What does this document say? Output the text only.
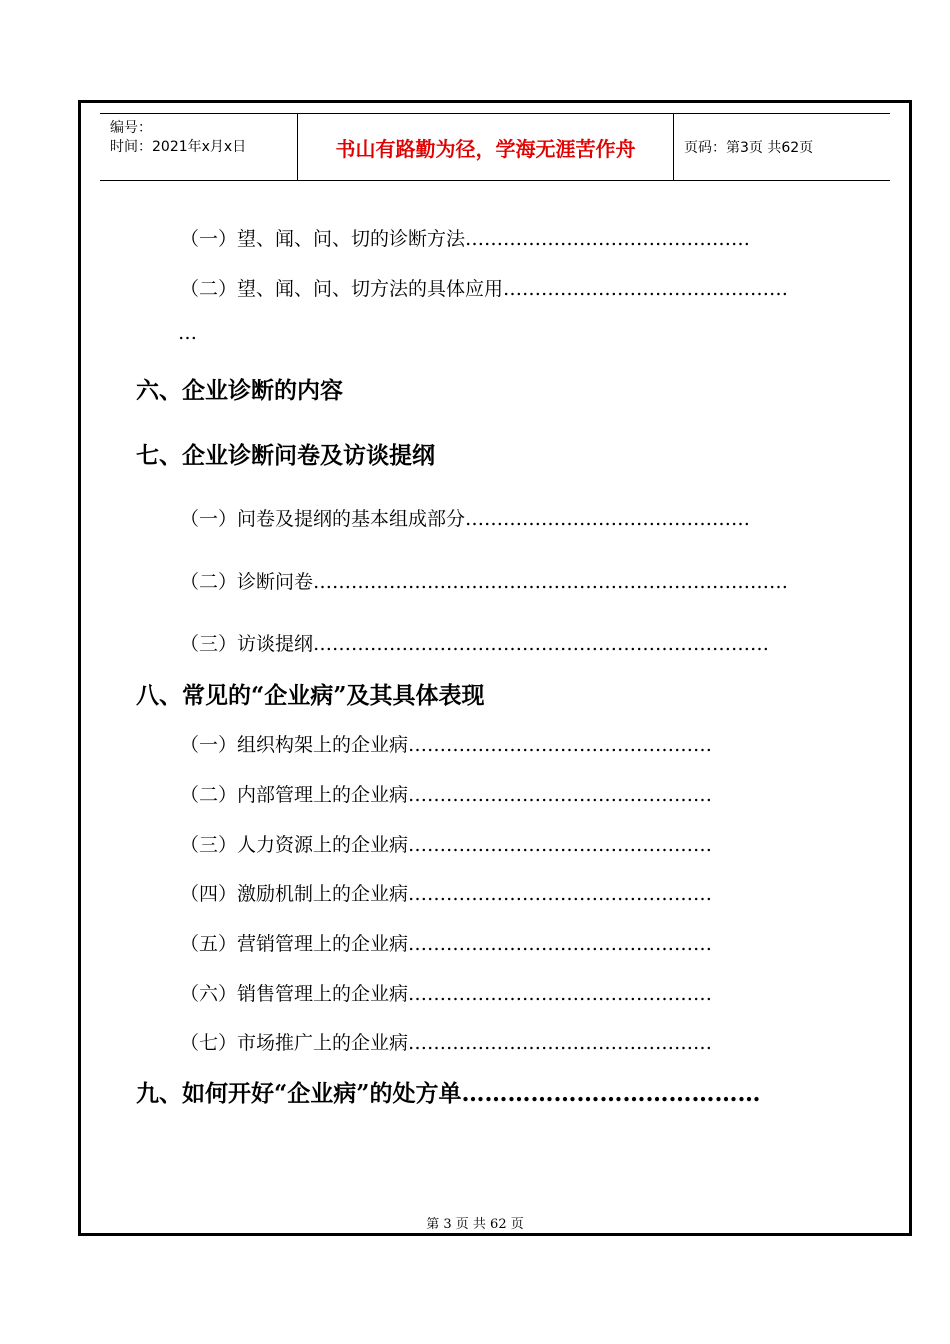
编号：
时间：2021年x月x日	书山有路勤为径，学海无涯苦作舟	页码：第3页 共62页
（一）望、闻、问、切的诊断方法………………………………………
（二）望、闻、问、切方法的具体应用………………………………………
…
六、企业诊断的内容
七、企业诊断问卷及访谈提纲
（一）问卷及提纲的基本组成部分………………………………………
（二）诊断问卷…………………………………………………………………
（三）访谈提纲………………………………………………………………
八、常见的“企业病”及其具体表现
（一）组织构架上的企业病…………………………………………
（二）内部管理上的企业病…………………………………………
（三）人力资源上的企业病…………………………………………
（四）激励机制上的企业病…………………………………………
（五）营销管理上的企业病…………………………………………
（六）销售管理上的企业病…………………………………………
（七）市场推广上的企业病…………………………………………
九、如何开好“企业病”的处方单…………………………………
第 3 页 共 62 页
